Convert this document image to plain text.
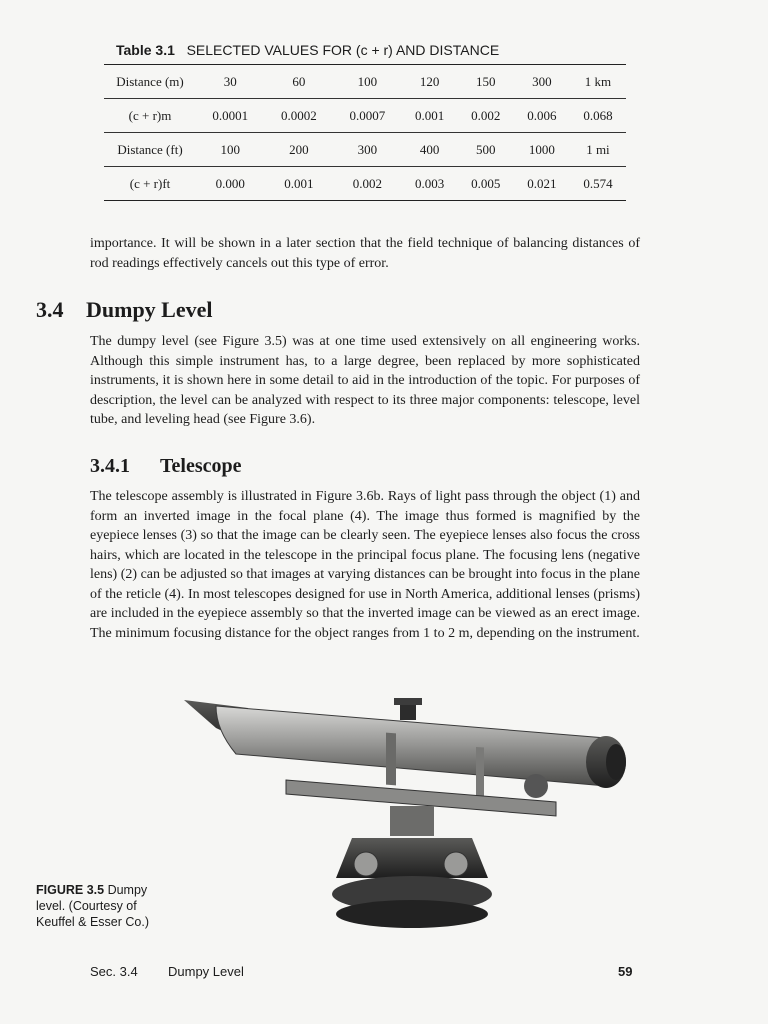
Table 3.1 SELECTED VALUES FOR (c + r) AND DISTANCE
Distance (m)	30	60	100	120	150	300	1 km
(c + r)m	0.0001	0.0002	0.0007	0.001	0.002	0.006	0.068
Distance (ft)	100	200	300	400	500	1000	1 mi
(c + r)ft	0.000	0.001	0.002	0.003	0.005	0.021	0.574
importance. It will be shown in a later section that the field technique of balancing distances of rod readings effectively cancels out this type of error.
3.4 Dumpy Level
The dumpy level (see Figure 3.5) was at one time used extensively on all engineering works. Although this simple instrument has, to a large degree, been replaced by more sophisticated instruments, it is shown here in some detail to aid in the introduction of the topic. For purposes of description, the level can be analyzed with respect to its three major components: telescope, level tube, and leveling head (see Figure 3.6).
3.4.1 Telescope
The telescope assembly is illustrated in Figure 3.6b. Rays of light pass through the object (1) and form an inverted image in the focal plane (4). The image thus formed is magnified by the eyepiece lenses (3) so that the image can be clearly seen. The eyepiece lenses also focus the cross hairs, which are located in the telescope in the principal focus plane. The focusing lens (negative lens) (2) can be adjusted so that images at varying distances can be brought into focus in the plane of the reticle (4). In most telescopes designed for use in North America, additional lenses (prisms) are included in the eyepiece assembly so that the inverted image can be viewed as an erect image. The minimum focusing distance for the object ranges from 1 to 2 m, depending on the instrument.
FIGURE 3.5 Dumpy level. (Courtesy of Keuffel & Esser Co.)
Sec. 3.4 Dumpy Level	59
